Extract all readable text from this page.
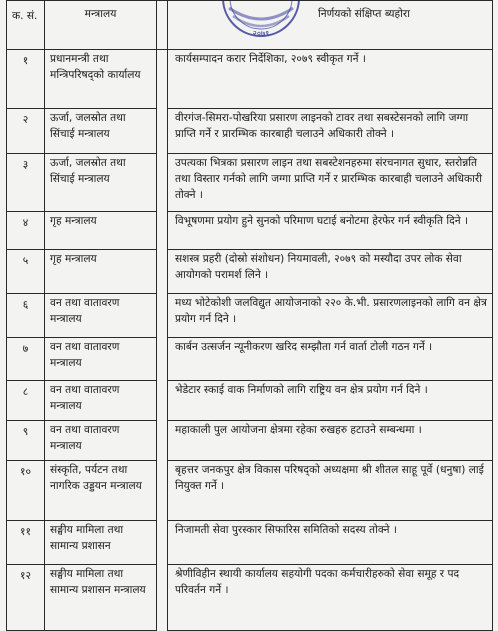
२०७९
क. सं.	मन्त्रालय		निर्णयको संक्षिप्त ब्यहोरा
१	प्रधानमन्त्री तथा मन्त्रिपरिषद्‌को कार्यालय		कार्यसम्पादन करार निर्देशिका, २०७९ स्वीकृत गर्ने ।
२	ऊर्जा, जलस्रोत तथा सिंचाई मन्त्रालय		वीरगंज-सिमरा-पोखरिया प्रसारण लाइनको टावर तथा सबस्टेसनको लागि जग्गा प्राप्ति गर्ने र प्रारम्भिक कारबाही चलाउने अधिकारी तोक्ने ।
३	ऊर्जा, जलस्रोत तथा सिंचाई मन्त्रालय		उपत्यका भित्रका प्रसारण लाइन तथा सबस्टेशनहरुमा संरचनागत सुधार, स्तरोन्नति तथा विस्तार गर्नको लागि जग्गा प्राप्ति गर्ने र प्रारम्भिक कारबाही चलाउने अधिकारी तोक्ने ।
४	गृह मन्त्रालय		विभूषणमा प्रयोग हुने सुनको परिमाण घटाई बनोटमा हेरफेर गर्न स्वीकृति दिने ।
५	गृह मन्त्रालय		सशस्त्र प्रहरी (दोस्रो संशोधन) नियमावली, २०७९ को मस्यौदा उपर लोक सेवा आयोगको परामर्श लिने ।
६	वन तथा वातावरण मन्त्रालय		मध्य भोटेकोशी जलविद्युत आयोजनाको २२० के.भी. प्रसारणलाइनको लागि वन क्षेत्र प्रयोग गर्न दिने ।
७	वन तथा वातावरण मन्त्रालय		कार्बन उत्सर्जन न्यूनीकरण खरिद सम्झौता गर्न वार्ता टोली गठन गर्ने ।
८	वन तथा वातावरण मन्त्रालय		भेडेटार स्काई वाक निर्माणको लागि राष्ट्रिय वन क्षेत्र प्रयोग गर्न दिने ।
९	वन तथा वातावरण मन्त्रालय		महाकाली पुल आयोजना क्षेत्रमा रहेका रुखहरु हटाउने सम्बन्धमा ।
१०	संस्कृति, पर्यटन तथा नागरिक उड्डयन मन्त्रालय		बृहत्तर जनकपुर क्षेत्र विकास परिषद्को अध्यक्षमा श्री शीतल साहू पूर्वे (धनुषा) लाई नियुक्त गर्ने ।
११	सङ्घीय मामिला तथा सामान्य प्रशासन		निजामती सेवा पुरस्कार सिफारिस समितिको सदस्य तोक्ने ।
१२	सङ्घीय मामिला तथा सामान्य प्रशासन मन्त्रालय		श्रेणीविहीन स्थायी कार्यालय सहयोगी पदका कर्मचारीहरुको सेवा समूह र पद परिवर्तन गर्ने ।
